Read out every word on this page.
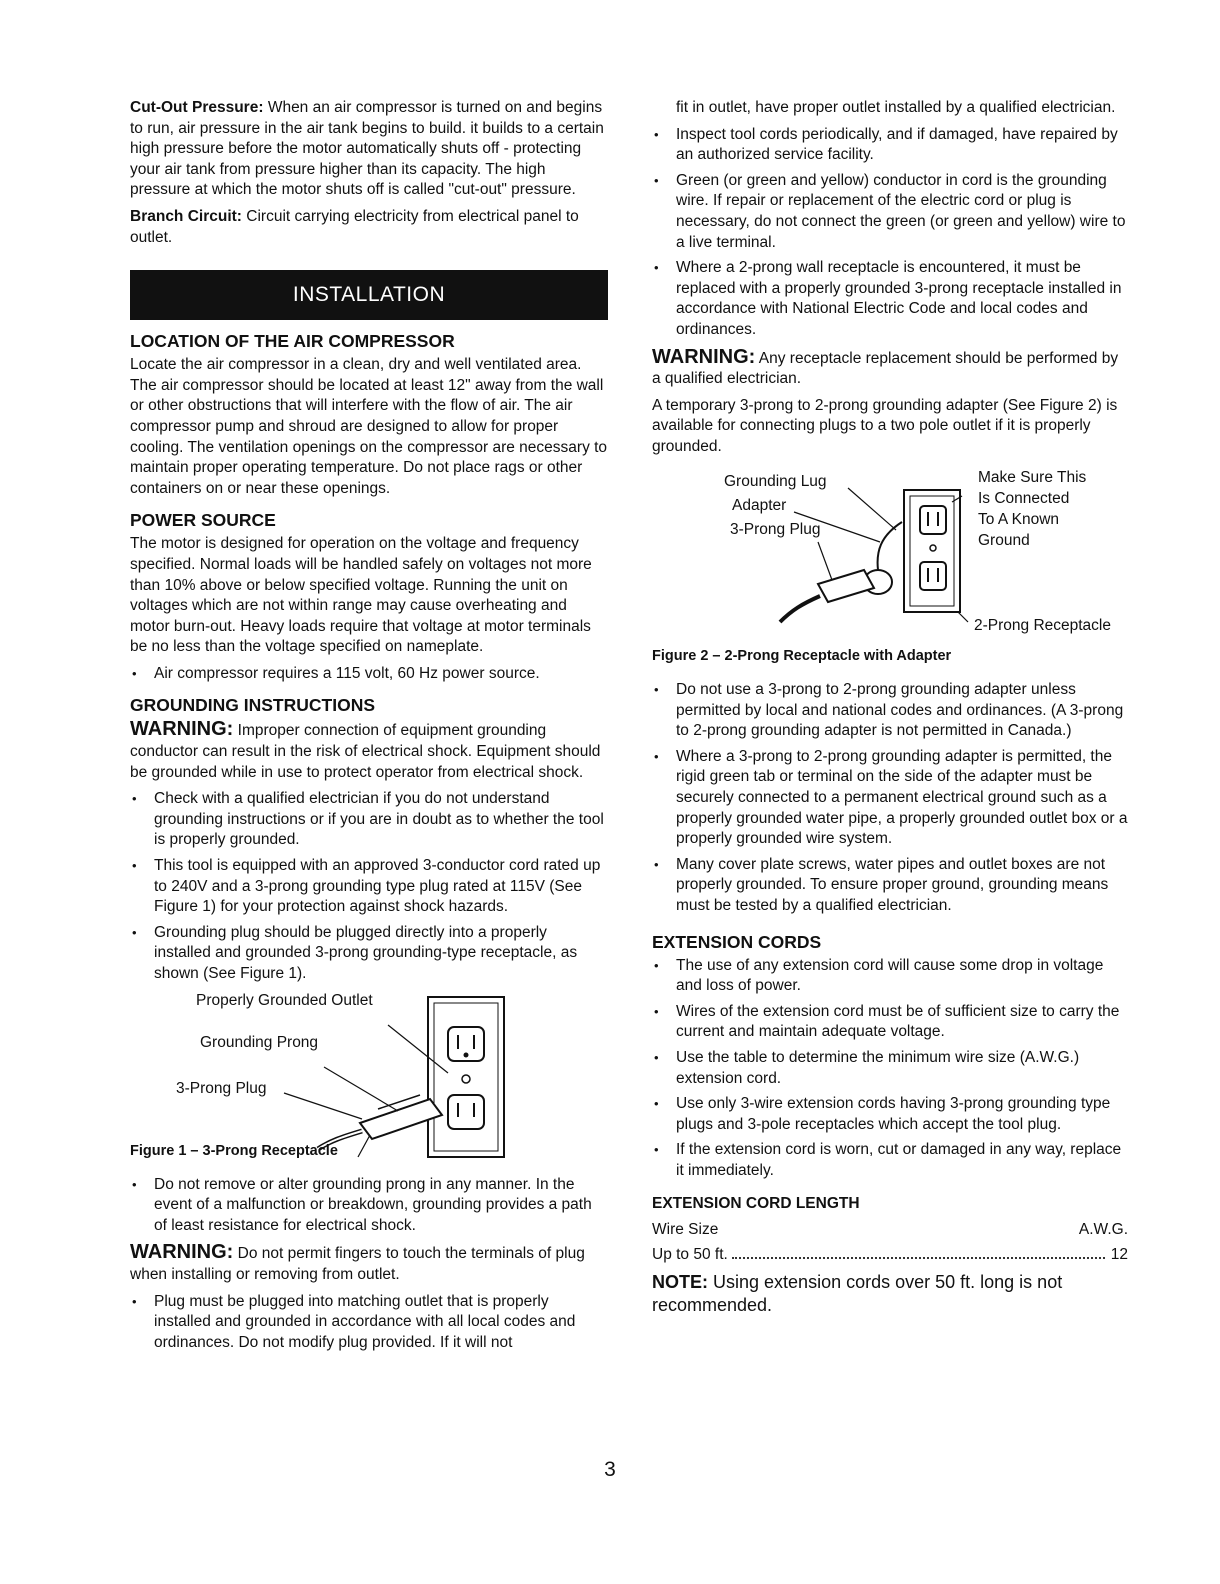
Cut-Out Pressure: When an air compressor is turned on and begins to run, air pressure in the air tank begins to build. it builds to a certain high pressure before the motor automatically shuts off - protecting your air tank from pressure higher than its capacity. The high pressure at which the motor shuts off is called "cut-out" pressure.

Branch Circuit: Circuit carrying electricity from electrical panel to outlet.

INSTALLATION
LOCATION OF THE AIR COMPRESSOR

Locate the air compressor in a clean, dry and well ventilated area. The air compressor should be located at least 12" away from the wall or other obstructions that will interfere with the flow of air. The air compressor pump and shroud are designed to allow for proper cooling. The ventilation openings on the compressor are necessary to maintain proper operating temperature. Do not place rags or other containers on or near these openings.

POWER SOURCE

The motor is designed for operation on the voltage and frequency specified. Normal loads will be handled safely on voltages not more than 10% above or below specified voltage. Running the unit on voltages which are not within range may cause overheating and motor burn-out. Heavy loads require that voltage at motor terminals be no less than the voltage specified on nameplate.

• Air compressor requires a 115 volt, 60 Hz power source.
GROUNDING INSTRUCTIONS

WARNING: Improper connection of equipment grounding conductor can result in the risk of electrical shock. Equipment should be grounded while in use to protect operator from electrical shock.

• Check with a qualified electrician if you do not understand grounding instructions or if you are in doubt as to whether the tool is properly grounded.
• This tool is equipped with an approved 3-conductor cord rated up to 240V and a 3-prong grounding type plug rated at 115V (See Figure 1) for your protection against shock hazards.
• Grounding plug should be plugged directly into a properly installed and grounded 3-prong grounding-type receptacle, as shown (See Figure 1).
Properly Grounded Outlet
Grounding Prong
3-Prong Plug
Figure 1 – 3-Prong Receptacle
• Do not remove or alter grounding prong in any manner. In the event of a malfunction or breakdown, grounding provides a path of least resistance for electrical shock.

WARNING: Do not permit fingers to touch the terminals of plug when installing or removing from outlet.

• Plug must be plugged into matching outlet that is properly installed and grounded in accordance with all local codes and ordinances. Do not modify plug provided. If it will not

fit in outlet, have proper outlet installed by a qualified electrician.

• Inspect tool cords periodically, and if damaged, have repaired by an authorized service facility.
• Green (or green and yellow) conductor in cord is the grounding wire. If repair or replacement of the electric cord or plug is necessary, do not connect the green (or green and yellow) wire to a live terminal.
• Where a 2-prong wall receptacle is encountered, it must be replaced with a properly grounded 3-prong receptacle installed in accordance with National Electric Code and local codes and ordinances.

WARNING: Any receptacle replacement should be performed by a qualified electrician.

A temporary 3-prong to 2-prong grounding adapter (See Figure 2) is available for connecting plugs to a two pole outlet if it is properly grounded.

Grounding Lug
Adapter
3-Prong Plug
Make Sure This
Is Connected
To A Known
Ground
2-Prong Receptacle

Figure 2 – 2-Prong Receptacle with Adapter

• Do not use a 3-prong to 2-prong grounding adapter unless permitted by local and national codes and ordinances. (A 3-prong to 2-prong grounding adapter is not permitted in Canada.)
• Where a 3-prong to 2-prong grounding adapter is permitted, the rigid green tab or terminal on the side of the adapter must be securely connected to a permanent electrical ground such as a properly grounded water pipe, a properly grounded outlet box or a properly grounded wire system.
• Many cover plate screws, water pipes and outlet boxes are not properly grounded. To ensure proper ground, grounding means must be tested by a qualified electrician.
EXTENSION CORDS
• The use of any extension cord will cause some drop in voltage and loss of power.
• Wires of the extension cord must be of sufficient size to carry the current and maintain adequate voltage.
• Use the table to determine the minimum wire size (A.W.G.) extension cord.
• Use only 3-wire extension cords having 3-prong grounding type plugs and 3-pole receptacles which accept the tool plug.
• If the extension cord is worn, cut or damaged in any way, replace it immediately.
EXTENSION CORD LENGTH
Wire Size	A.W.G.
Up to 50 ft.	12

NOTE: Using extension cords over 50 ft. long is not recommended.

3
